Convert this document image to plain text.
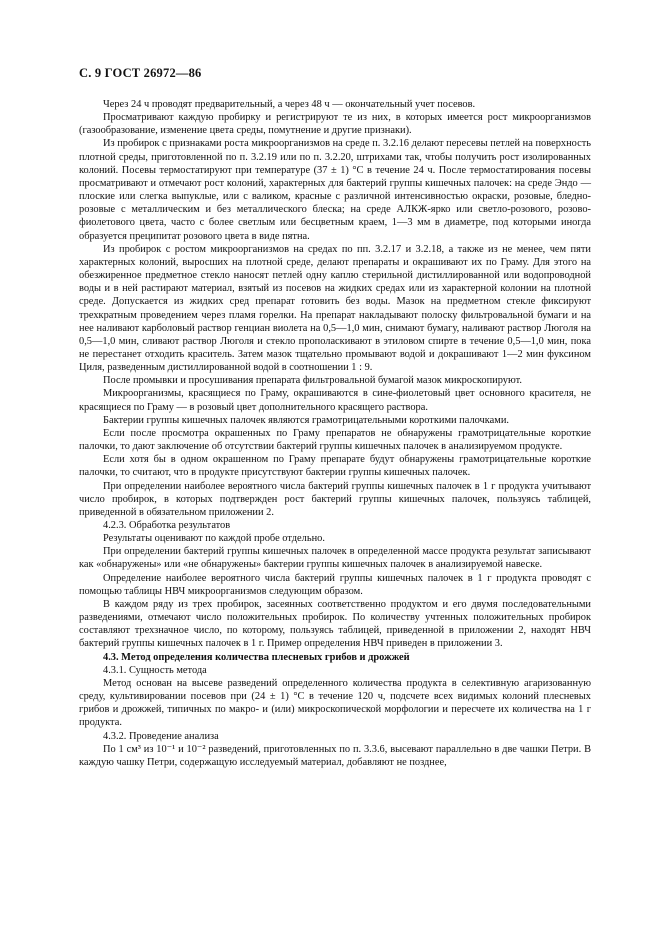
С. 9 ГОСТ 26972—86

Через 24 ч проводят предварительный, а через 48 ч — окончательный учет посевов.

Просматривают каждую пробирку и регистрируют те из них, в которых имеется рост микроорганизмов (газообразование, изменение цвета среды, помутнение и другие признаки).

Из пробирок с признаками роста микроорганизмов на среде п. 3.2.16 делают пересевы петлей на поверхность плотной среды, приготовленной по п. 3.2.19 или по п. 3.2.20, штрихами так, чтобы получить рост изолированных колоний. Посевы термостатируют при температуре (37 ± 1) °С в течение 24 ч. После термостатирования посевы просматривают и отмечают рост колоний, характерных для бактерий группы кишечных палочек: на среде Эндо — плоские или слегка выпуклые, или с валиком, красные с различной интенсивностью окраски, розовые, бледно-розовые с металлическим и без металлического блеска; на среде АЛКЖ-ярко или светло-розового, розово-фиолетового цвета, часто с более светлым или бесцветным краем, 1—3 мм в диаметре, под которыми иногда образуется преципитат розового цвета в виде пятна.

Из пробирок с ростом микроорганизмов на средах по пп. 3.2.17 и 3.2.18, а также из не менее, чем пяти характерных колоний, выросших на плотной среде, делают препараты и окрашивают их по Граму. Для этого на обезжиренное предметное стекло наносят петлей одну каплю стерильной дистиллированной или водопроводной воды и в ней растирают материал, взятый из посевов на жидких средах или из характерной колонии на плотной среде. Допускается из жидких сред препарат готовить без воды. Мазок на предметном стекле фиксируют трехкратным проведением через пламя горелки. На препарат накладывают полоску фильтровальной бумаги и на нее наливают карболовый раствор генциан виолета на 0,5—1,0 мин, снимают бумагу, наливают раствор Люголя на 0,5—1,0 мин, сливают раствор Люголя и стекло прополаскивают в этиловом спирте в течение 0,5—1,0 мин, пока не перестанет отходить краситель. Затем мазок тщательно промывают водой и докрашивают 1—2 мин фуксином Циля, разведенным дистиллированной водой в соотношении 1 : 9.

После промывки и просушивания препарата фильтровальной бумагой мазок микроскопируют.

Микроорганизмы, красящиеся по Граму, окрашиваются в сине-фиолетовый цвет основного красителя, не красящиеся по Граму — в розовый цвет дополнительного красящего раствора.

Бактерии группы кишечных палочек являются грамотрицательными короткими палочками.

Если после просмотра окрашенных по Граму препаратов не обнаружены грамотрицательные короткие палочки, то дают заключение об отсутствии бактерий группы кишечных палочек в анализируемом продукте.

Если хотя бы в одном окрашенном по Граму препарате будут обнаружены грамотрицательные короткие палочки, то считают, что в продукте присутствуют бактерии группы кишечных палочек.

При определении наиболее вероятного числа бактерий группы кишечных палочек в 1 г продукта учитывают число пробирок, в которых подтвержден рост бактерий группы кишечных палочек, пользуясь таблицей, приведенной в обязательном приложении 2.

4.2.3. Обработка результатов

Результаты оценивают по каждой пробе отдельно.

При определении бактерий группы кишечных палочек в определенной массе продукта результат записывают как «обнаружены» или «не обнаружены» бактерии группы кишечных палочек в анализируемой навеске.

Определение наиболее вероятного числа бактерий группы кишечных палочек в 1 г продукта проводят с помощью таблицы НВЧ микроорганизмов следующим образом.

В каждом ряду из трех пробирок, засеянных соответственно продуктом и его двумя последовательными разведениями, отмечают число положительных пробирок. По количеству учтенных положительных пробирок составляют трехзначное число, по которому, пользуясь таблицей, приведенной в приложении 2, находят НВЧ бактерий группы кишечных палочек в 1 г. Пример определения НВЧ приведен в приложении 3.

4.3. Метод определения количества плесневых грибов и дрожжей

4.3.1. Сущность метода

Метод основан на высеве разведений определенного количества продукта в селективную агаризованную среду, культивировании посевов при (24 ± 1) °С в течение 120 ч, подсчете всех видимых колоний плесневых грибов и дрожжей, типичных по макро- и (или) микроскопической морфологии и пересчете их количества на 1 г продукта.

4.3.2. Проведение анализа

По 1 см³ из 10⁻¹ и 10⁻² разведений, приготовленных по п. 3.3.6, высевают параллельно в две чашки Петри. В каждую чашку Петри, содержащую исследуемый материал, добавляют не позднее,
